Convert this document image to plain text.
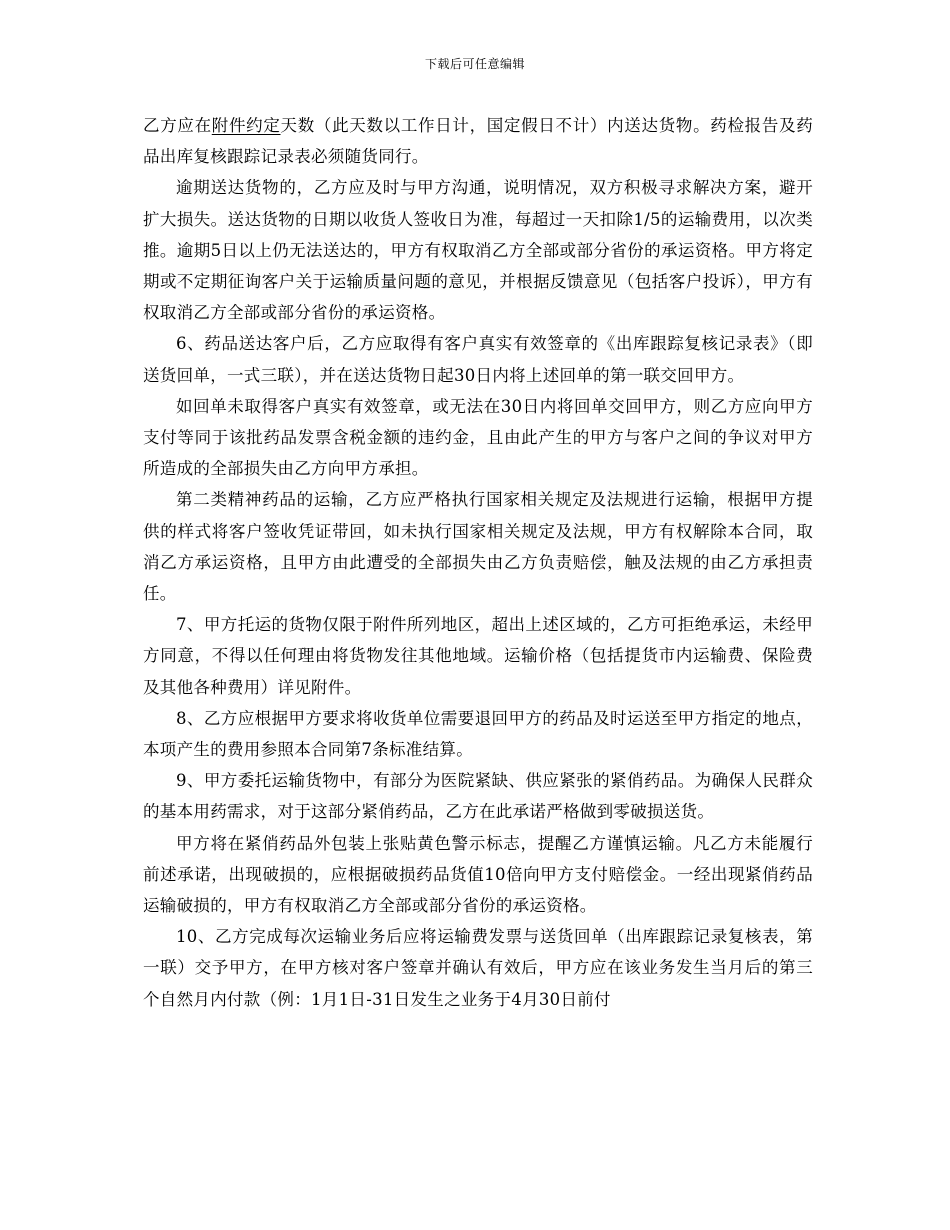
下载后可任意编辑

乙方应在附件约定天数（此天数以工作日计，国定假日不计）内送达货物。药检报告及药品出库复核跟踪记录表必须随货同行。

逾期送达货物的，乙方应及时与甲方沟通，说明情况，双方积极寻求解决方案，避开扩大损失。送达货物的日期以收货人签收日为准，每超过一天扣除1/5的运输费用，以次类推。逾期5日以上仍无法送达的，甲方有权取消乙方全部或部分省份的承运资格。甲方将定期或不定期征询客户关于运输质量问题的意见，并根据反馈意见（包括客户投诉），甲方有权取消乙方全部或部分省份的承运资格。

6、药品送达客户后，乙方应取得有客户真实有效签章的《出库跟踪复核记录表》（即送货回单，一式三联），并在送达货物日起30日内将上述回单的第一联交回甲方。

如回单未取得客户真实有效签章，或无法在30日内将回单交回甲方，则乙方应向甲方支付等同于该批药品发票含税金额的违约金，且由此产生的甲方与客户之间的争议对甲方所造成的全部损失由乙方向甲方承担。

第二类精神药品的运输，乙方应严格执行国家相关规定及法规进行运输，根据甲方提供的样式将客户签收凭证带回，如未执行国家相关规定及法规，甲方有权解除本合同，取消乙方承运资格，且甲方由此遭受的全部损失由乙方负责赔偿，触及法规的由乙方承担责任。

7、甲方托运的货物仅限于附件所列地区，超出上述区域的，乙方可拒绝承运，未经甲方同意，不得以任何理由将货物发往其他地域。运输价格（包括提货市内运输费、保险费及其他各种费用）详见附件。

8、乙方应根据甲方要求将收货单位需要退回甲方的药品及时运送至甲方指定的地点，本项产生的费用参照本合同第7条标准结算。

9、甲方委托运输货物中，有部分为医院紧缺、供应紧张的紧俏药品。为确保人民群众的基本用药需求，对于这部分紧俏药品，乙方在此承诺严格做到零破损送货。

甲方将在紧俏药品外包装上张贴黄色警示标志，提醒乙方谨慎运输。凡乙方未能履行前述承诺，出现破损的，应根据破损药品货值10倍向甲方支付赔偿金。一经出现紧俏药品运输破损的，甲方有权取消乙方全部或部分省份的承运资格。

10、乙方完成每次运输业务后应将运输费发票与送货回单（出库跟踪记录复核表，第一联）交予甲方，在甲方核对客户签章并确认有效后，甲方应在该业务发生当月后的第三个自然月内付款（例：1月1日-31日发生之业务于4月30日前付
